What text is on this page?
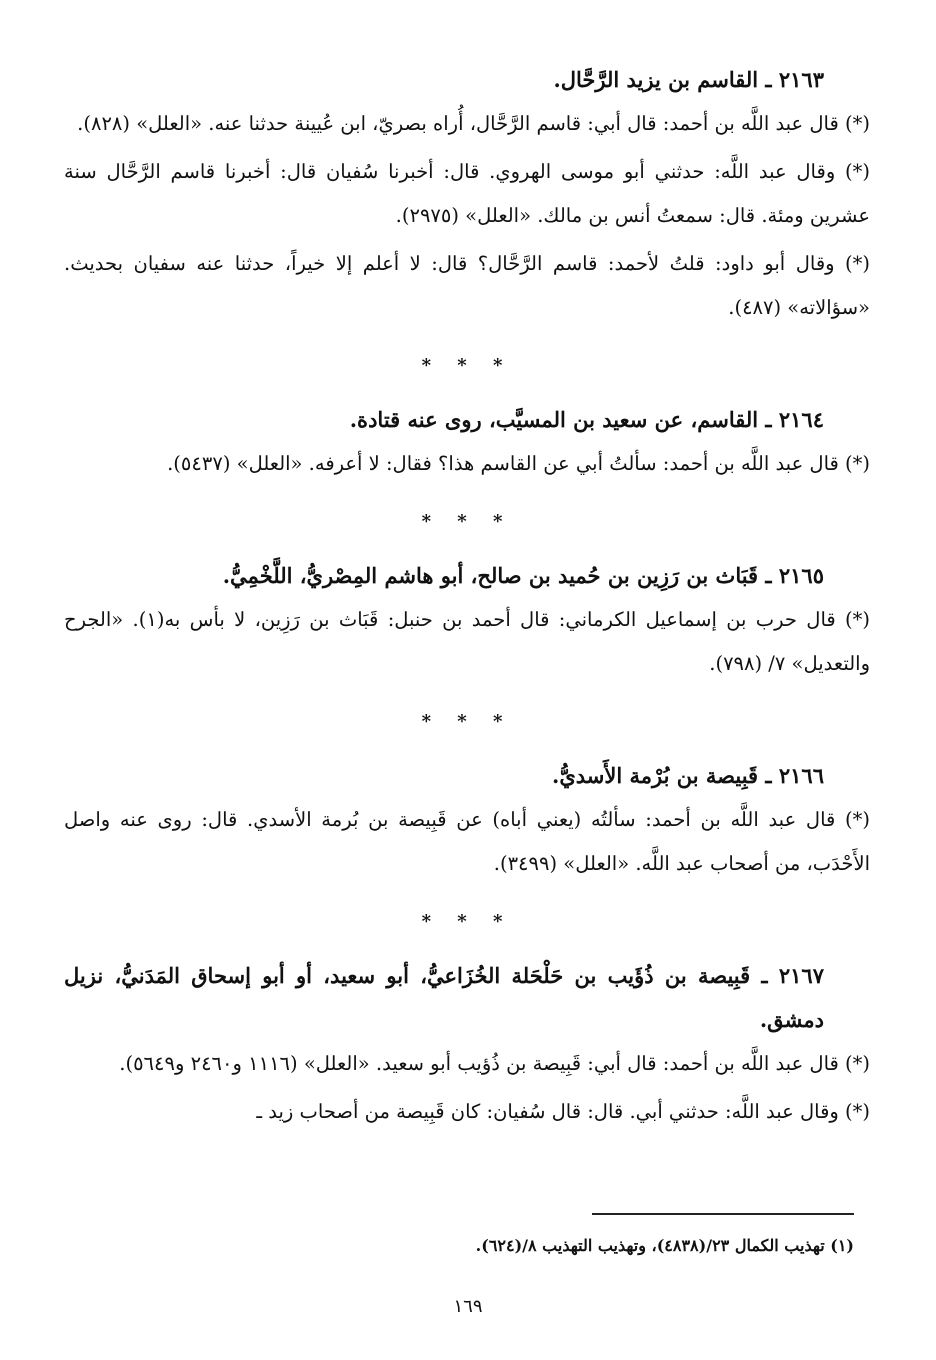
٢١٦٣ ـ القاسم بن يزيد الرَّحَّال.

(*) قال عبد اللَّه بن أحمد: قال أبي: قاسم الرَّحَّال، أُراه بصريّ، ابن عُيينة حدثنا عنه. «العلل» (٨٢٨).

(*) وقال عبد اللَّه: حدثني أبو موسى الهروي. قال: أخبرنا سُفيان قال: أخبرنا قاسم الرَّحَّال سنة عشرين ومئة. قال: سمعتُ أنس بن مالك. «العلل» (٢٩٧٥).

(*) وقال أبو داود: قلتُ لأحمد: قاسم الرَّحَّال؟ قال: لا أعلم إلا خيراً، حدثنا عنه سفيان بحديث. «سؤالاته» (٤٨٧).

* * *

٢١٦٤ ـ القاسم، عن سعيد بن المسيَّب، روى عنه قتادة.

(*) قال عبد اللَّه بن أحمد: سألتُ أبي عن القاسم هذا؟ فقال: لا أعرفه. «العلل» (٥٤٣٧).

* * *

٢١٦٥ ـ قَبَاث بن رَزِين بن حُميد بن صالح، أبو هاشم المِصْريُّ، اللَّخْمِيُّ.

(*) قال حرب بن إسماعيل الكرماني: قال أحمد بن حنبل: قَبَاث بن رَزِين، لا بأس به(١). «الجرح والتعديل» ٧/ (٧٩٨).

* * *

٢١٦٦ ـ قَبِيصة بن بُرْمة الأَسديُّ.

(*) قال عبد اللَّه بن أحمد: سألتُه (يعني أباه) عن قَبِيصة بن بُرمة الأسدي. قال: روى عنه واصل الأَحْدَب، من أصحاب عبد اللَّه. «العلل» (٣٤٩٩).

* * *

٢١٦٧ ـ قَبِيصة بن ذُؤَيب بن حَلْحَلة الخُزَاعيُّ، أبو سعيد، أو أبو إسحاق المَدَنيُّ، نزيل دمشق.

(*) قال عبد اللَّه بن أحمد: قال أبي: قَبِيصة بن ذُؤيب أبو سعيد. «العلل» (١١١٦ و٢٤٦٠ و٥٦٤٩).

(*) وقال عبد اللَّه: حدثني أبي. قال: قال سُفيان: كان قَبِيصة من أصحاب زيد ـ

(١) تهذيب الكمال ٢٣/(٤٨٣٨)، وتهذيب التهذيب ٨/(٦٢٤).
١٦٩
